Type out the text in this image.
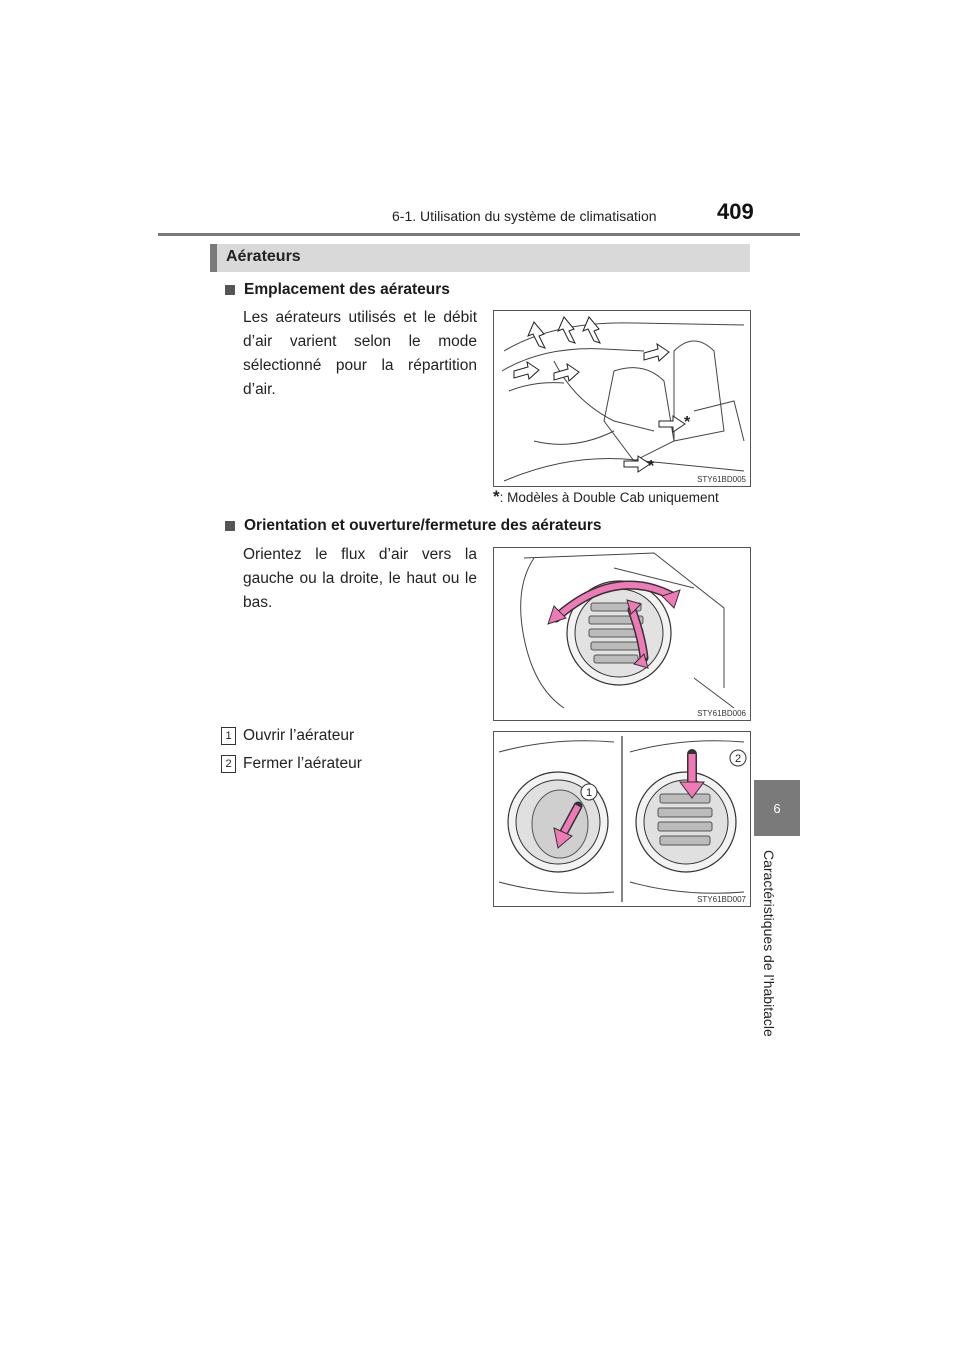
6-1. Utilisation du système de climatisation	409
6
Caractéristiques de l’habitacle
Aérateurs
Emplacement des aérateurs
Les aérateurs utilisés et le débit d’air varient selon le mode sélectionné pour la répartition d’air.
*
*
STY61BD005
*: Modèles à Double Cab uniquement
Orientation et ouverture/fermeture des aérateurs
Orientez le flux d’air vers la gauche ou la droite, le haut ou le bas.
STY61BD006
1 Ouvrir l’aérateur
2 Fermer l’aérateur
1
2
STY61BD007
